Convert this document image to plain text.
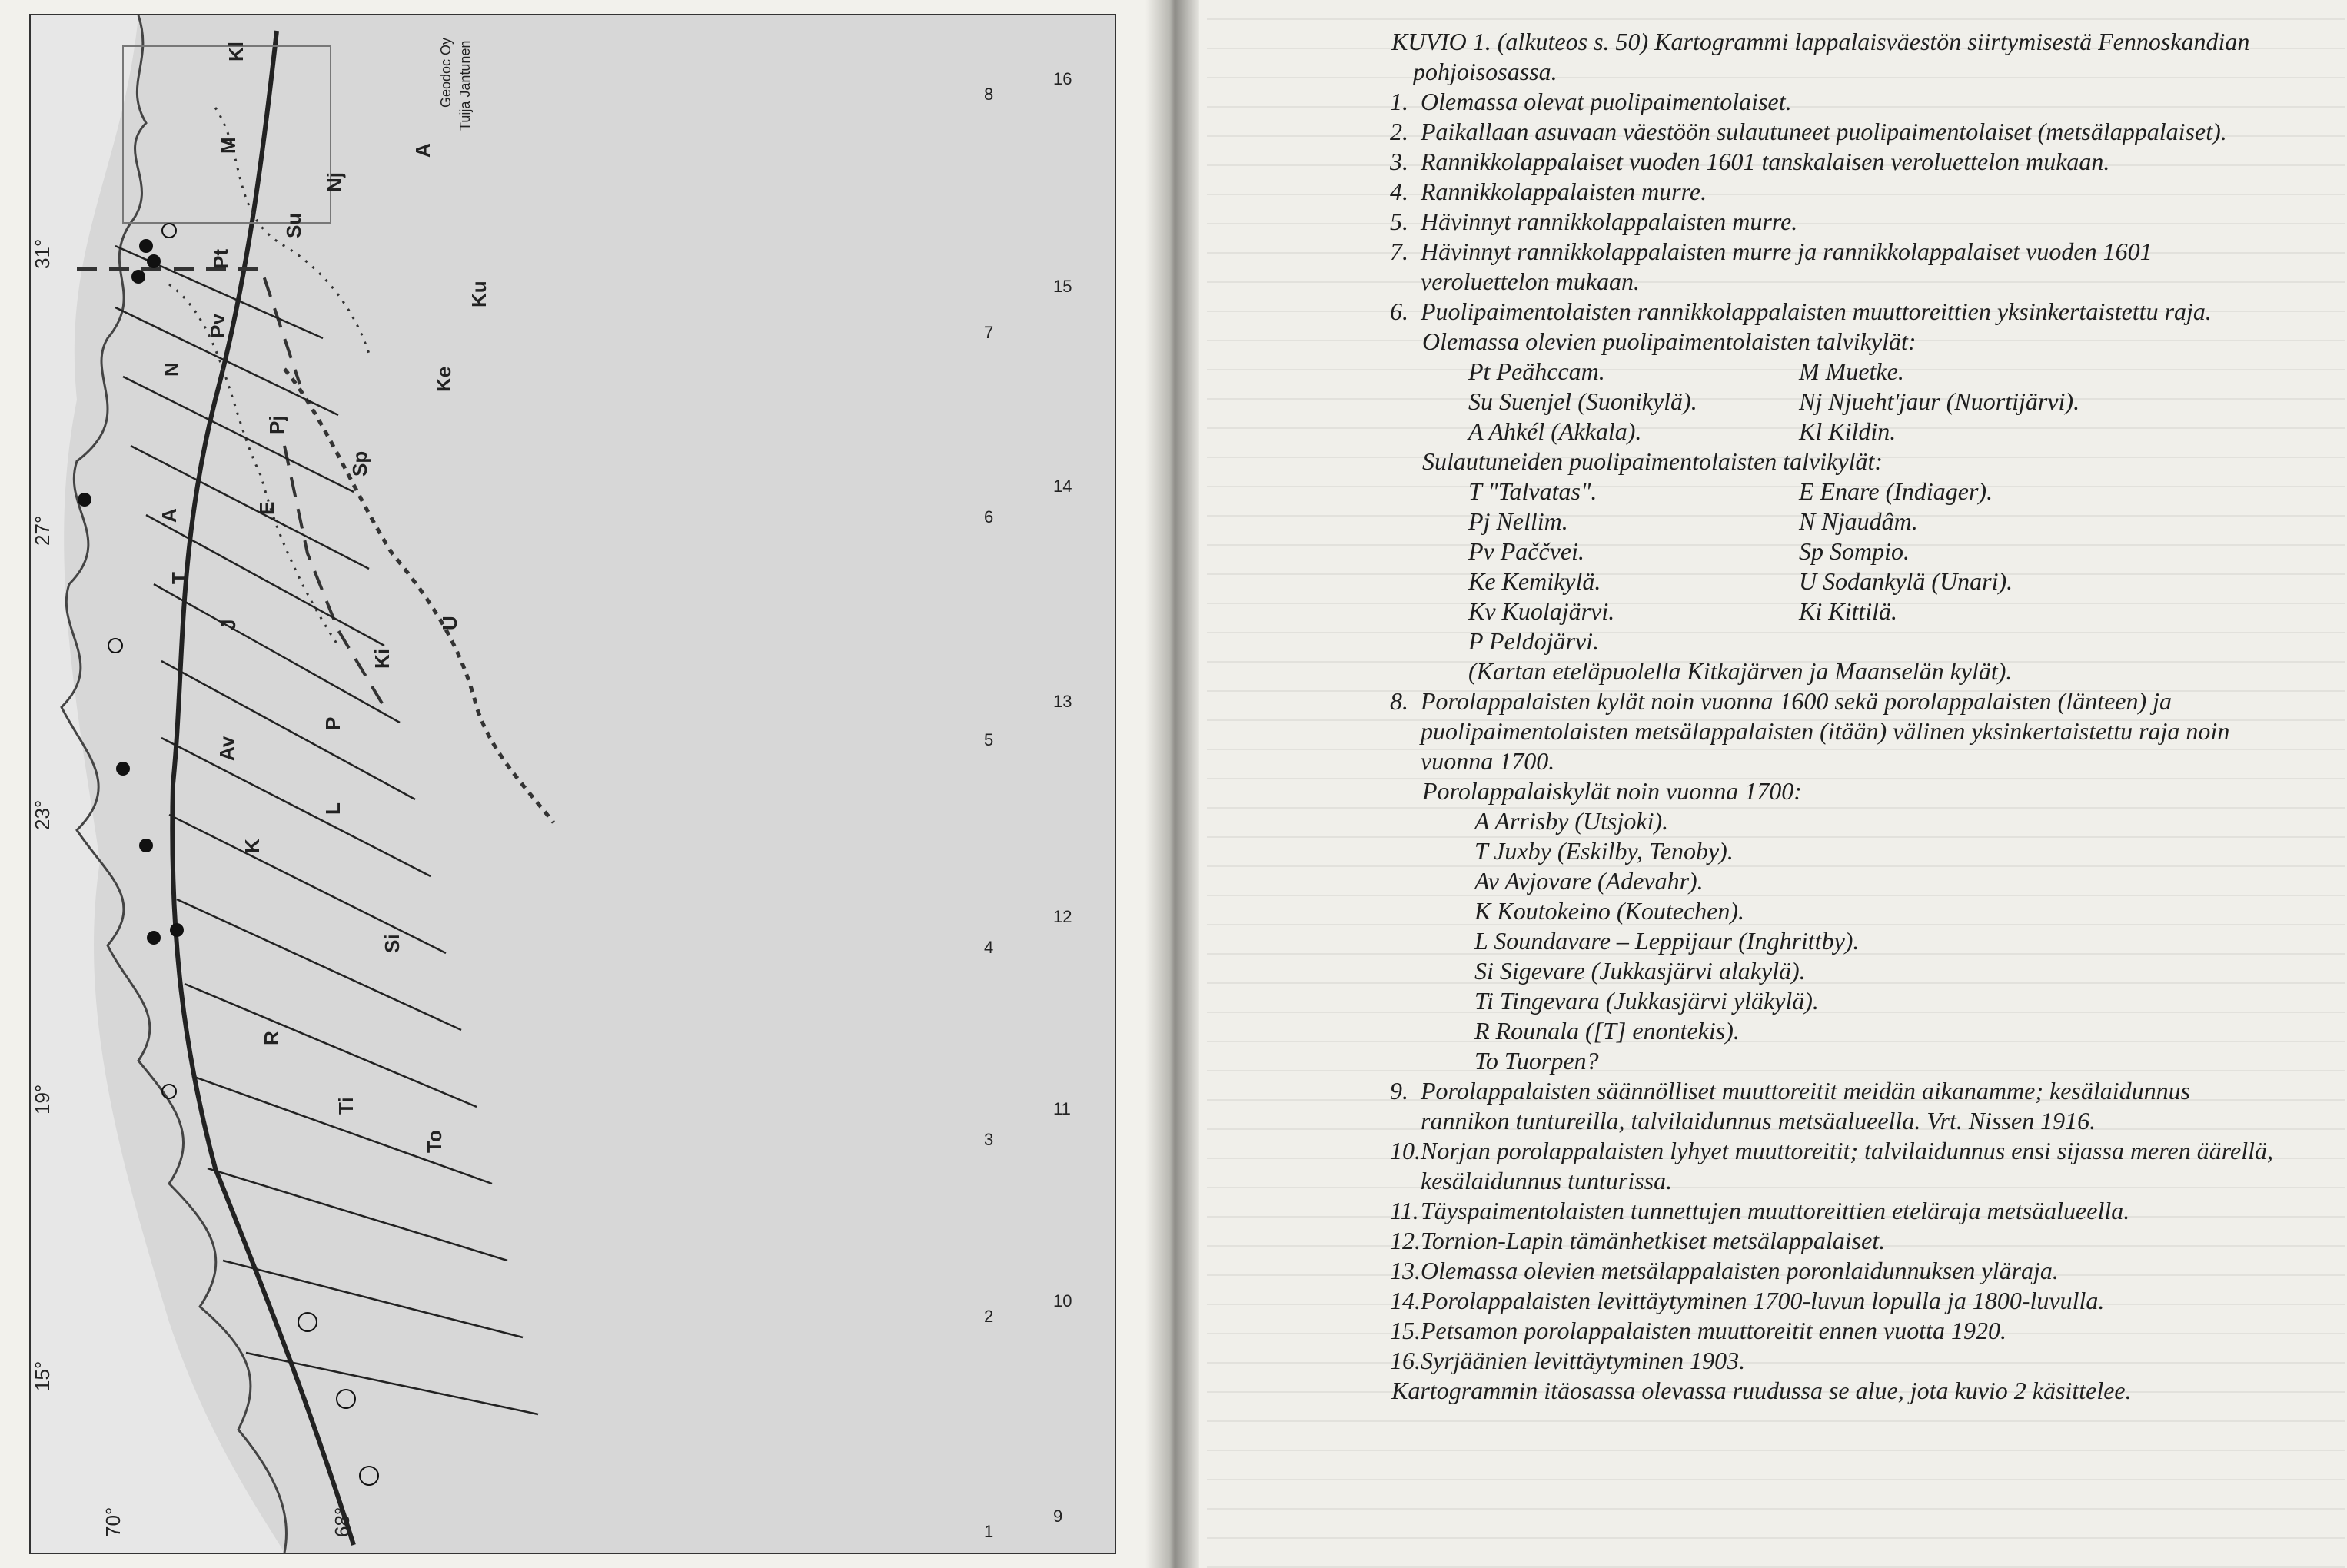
1
2
3
4
5
6
7
8
9
10
11
12
13
14
15
16
31°
27°
23°
19°
15°
70°	68°
Kl
M
Nj
A
Su
Pt
Pv
N
Ku
Ke
Pj
Sp
E
A
T
J	U
Ki
Av
P
L
K
Si
R
Ti
To
Geodoc Oy Tuija Jantunen	KUVIO 1. (alkuteos s. 50) Kartogrammi lappalaisväestön siirtymisestä Fennoskandian pohjoisosassa.

1. Olemassa olevat puolipaimentolaiset.

2. Paikallaan asuvaan väestöön sulautuneet puolipaimentolaiset (metsälappalaiset).

3. Rannikkolappalaiset vuoden 1601 tanskalaisen veroluettelon mukaan.

4. Rannikkolappalaisten murre.

5. Hävinnyt rannikkolappalaisten murre.

7. Hävinnyt rannikkolappalaisten murre ja rannikkolappalaiset vuoden 1601 veroluettelon mukaan.

6. Puolipaimentolaisten rannikkolappalaisten muuttoreittien yksinkertaistettu raja.

Olemassa olevien puolipaimentolaisten talvikylät:

Pt Peähccam.	M Muetke.
Su Suenjel (Suonikylä).	Nj Njueht'jaur (Nuortijärvi).
A Ahkél (Akkala).	Kl Kildin.

Sulautuneiden puolipaimentolaisten talvikylät:

T "Talvatas".	E Enare (Indiager).
Pj Nellim.	N Njaudâm.
Pv Paččvei.	Sp Sompio.
Ke Kemikylä.	U Sodankylä (Unari).
Kv Kuolajärvi.	Ki Kittilä.
P Peldojärvi.

(Kartan eteläpuolella Kitkajärven ja Maanselän kylät).

8. Porolappalaisten kylät noin vuonna 1600 sekä porolappalaisten (länteen) ja puolipaimentolaisten metsälappalaisten (itään) välinen yksinkertaistettu raja noin vuonna 1700.

Porolappalaiskylät noin vuonna 1700:

A Arrisby (Utsjoki).
T Juxby (Eskilby, Tenoby).
Av Avjovare (Adevahr).
K Koutokeino (Koutechen).
L Soundavare – Leppijaur (Inghrittby).
Si Sigevare (Jukkasjärvi alakylä).
Ti Tingevara (Jukkasjärvi yläkylä).
R Rounala ([T] enontekis).
To Tuorpen?

9. Porolappalaisten säännölliset muuttoreitit meidän aikanamme; kesälaidunnus rannikon tuntureilla, talvilaidunnus metsäalueella. Vrt. Nissen 1916.

10. Norjan porolappalaisten lyhyet muuttoreitit; talvilaidunnus ensi sijassa meren äärellä, kesälaidunnus tunturissa.

11. Täyspaimentolaisten tunnettujen muuttoreittien eteläraja metsäalueella.

12. Tornion-Lapin tämänhetkiset metsälappalaiset.

13. Olemassa olevien metsälappalaisten poronlaidunnuksen yläraja.

14. Porolappalaisten levittäytyminen 1700-luvun lopulla ja 1800-luvulla.

15. Petsamon porolappalaisten muuttoreitit ennen vuotta 1920.

16. Syrjäänien levittäytyminen 1903.

Kartogrammin itäosassa olevassa ruudussa se alue, jota kuvio 2 käsittelee.
